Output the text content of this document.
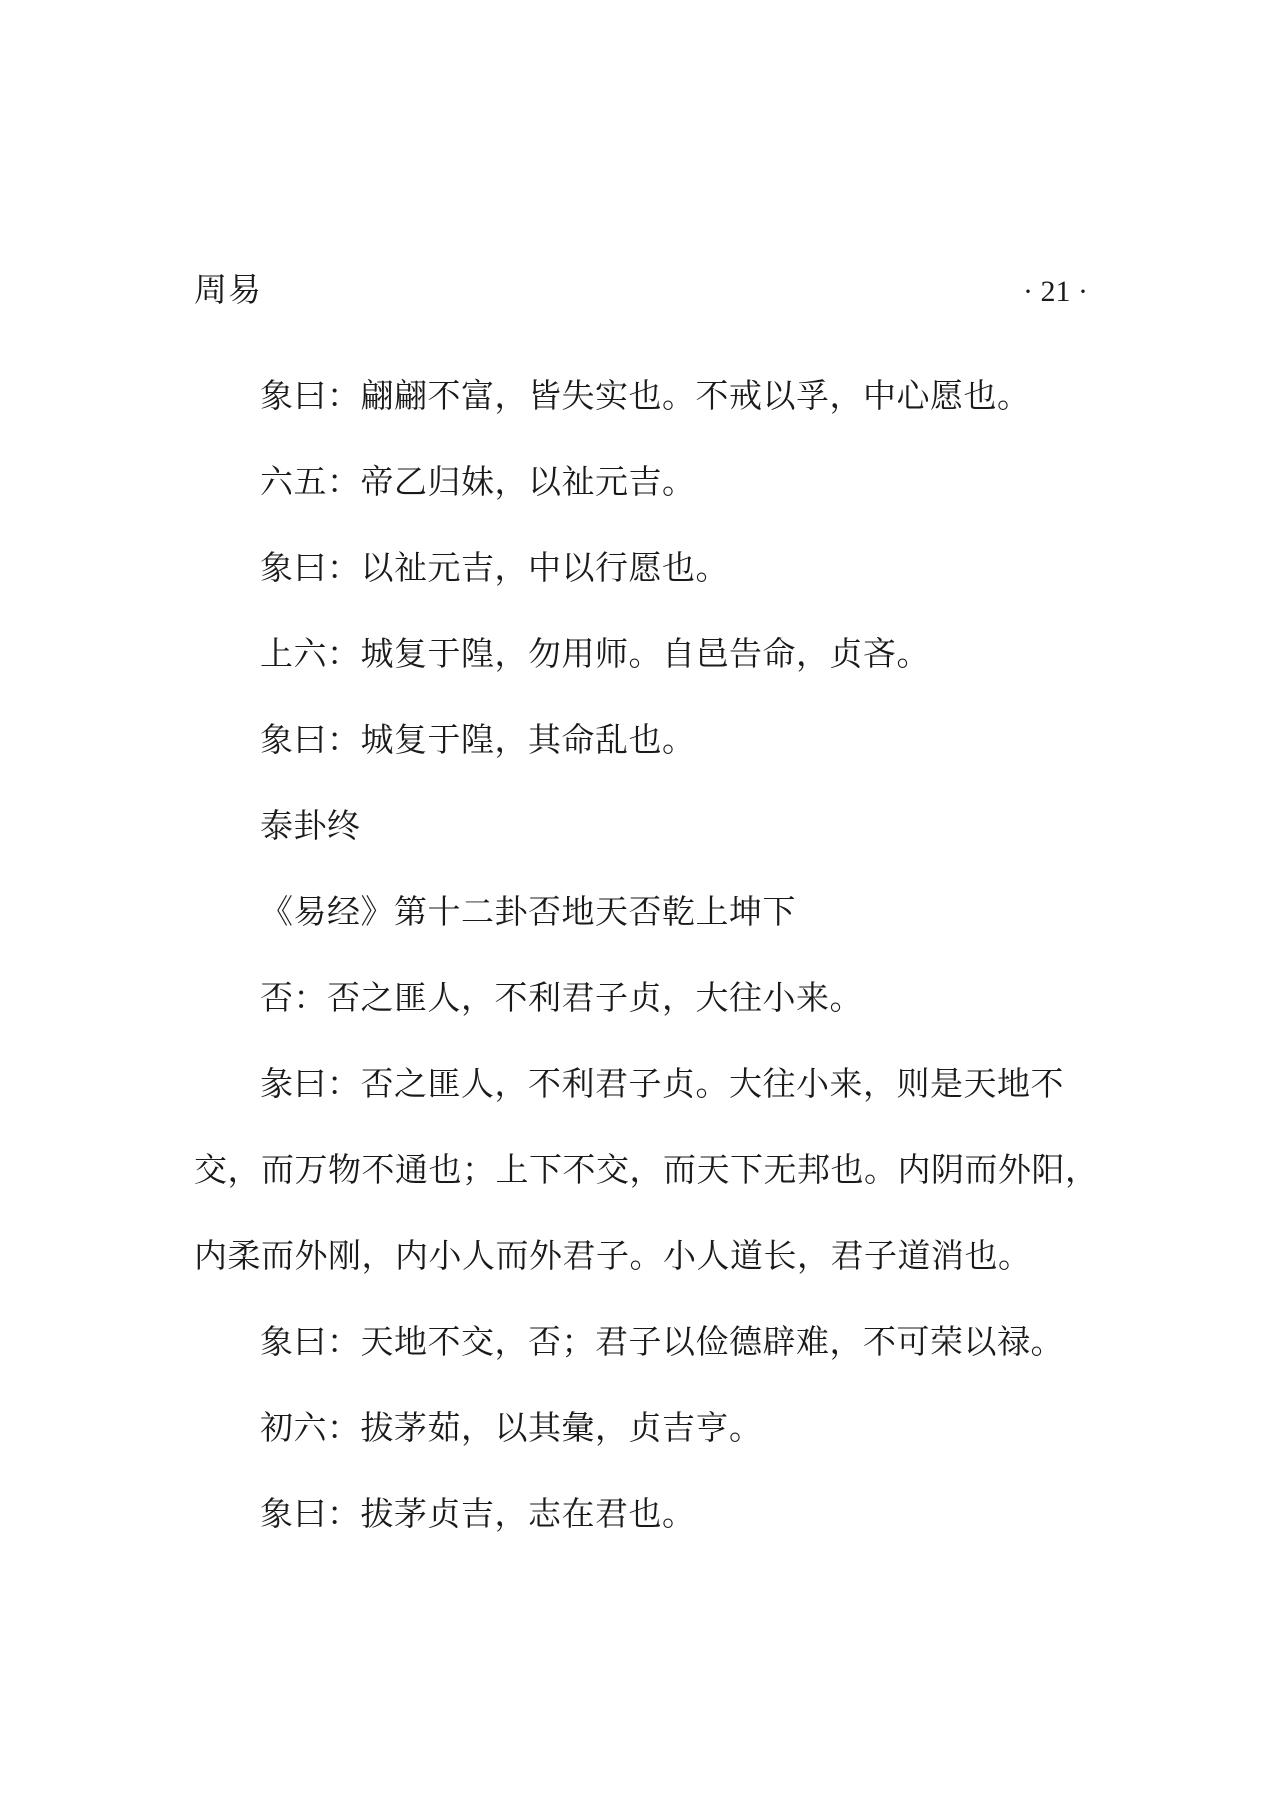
周易	· 21 ·

象曰：翩翩不富，皆失实也。不戒以孚，中心愿也。

六五：帝乙归妹，以祉元吉。

象曰：以祉元吉，中以行愿也。

上六：城复于隍，勿用师。自邑告命，贞吝。

象曰：城复于隍，其命乱也。

泰卦终

《易经》第十二卦否地天否乾上坤下

否：否之匪人，不利君子贞，大往小来。

彖曰：否之匪人，不利君子贞。大往小来，则是天地不交，而万物不通也；上下不交，而天下无邦也。内阴而外阳，内柔而外刚，内小人而外君子。小人道长，君子道消也。

象曰：天地不交，否；君子以俭德辟难，不可荣以禄。

初六：拔茅茹，以其彙，贞吉亨。

象曰：拔茅贞吉，志在君也。
